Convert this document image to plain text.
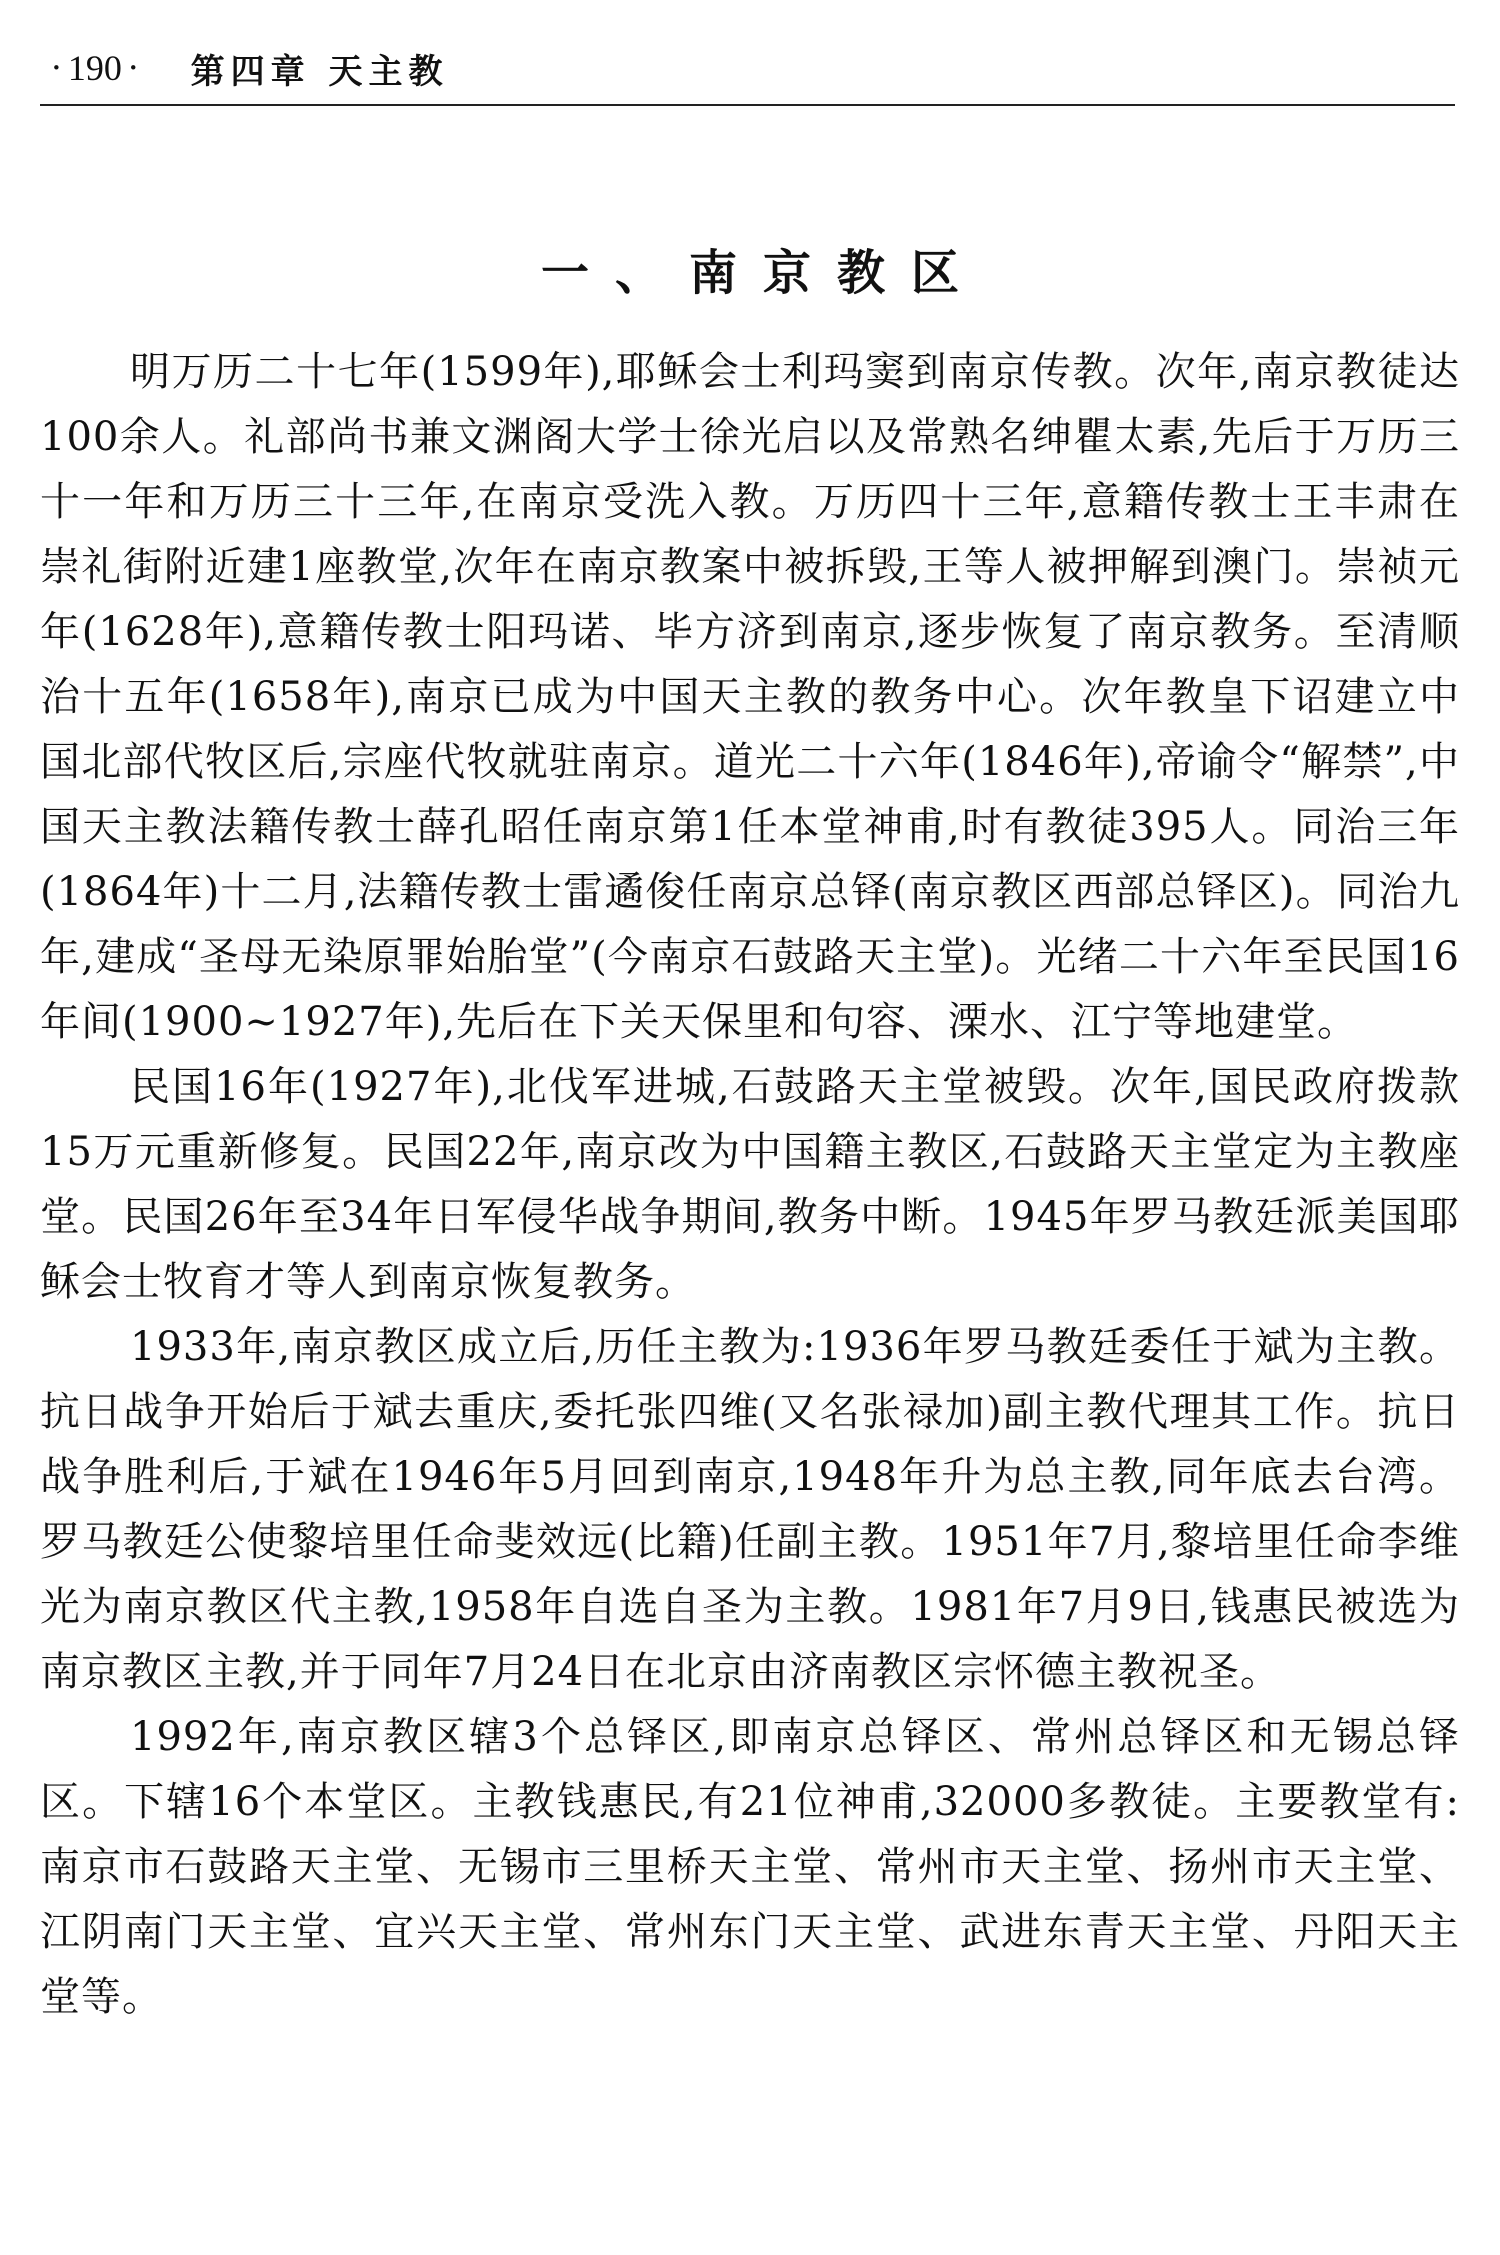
· 190 · 第四章 天主教
一、南京教区

明万历二十七年(1599年),耶稣会士利玛窦到南京传教。次年,南京教徒达100余人。礼部尚书兼文渊阁大学士徐光启以及常熟名绅瞿太素,先后于万历三十一年和万历三十三年,在南京受洗入教。万历四十三年,意籍传教士王丰肃在崇礼街附近建1座教堂,次年在南京教案中被拆毁,王等人被押解到澳门。崇祯元年(1628年),意籍传教士阳玛诺、毕方济到南京,逐步恢复了南京教务。至清顺治十五年(1658年),南京已成为中国天主教的教务中心。次年教皇下诏建立中国北部代牧区后,宗座代牧就驻南京。道光二十六年(1846年),帝谕令“解禁”,中国天主教法籍传教士薛孔昭任南京第1任本堂神甫,时有教徒395人。同治三年(1864年)十二月,法籍传教士雷遹俊任南京总铎(南京教区西部总铎区)。同治九年,建成“圣母无染原罪始胎堂”(今南京石鼓路天主堂)。光绪二十六年至民国16年间(1900~1927年),先后在下关天保里和句容、溧水、江宁等地建堂。

民国16年(1927年),北伐军进城,石鼓路天主堂被毁。次年,国民政府拨款15万元重新修复。民国22年,南京改为中国籍主教区,石鼓路天主堂定为主教座堂。民国26年至34年日军侵华战争期间,教务中断。1945年罗马教廷派美国耶稣会士牧育才等人到南京恢复教务。

1933年,南京教区成立后,历任主教为:1936年罗马教廷委任于斌为主教。抗日战争开始后于斌去重庆,委托张四维(又名张禄加)副主教代理其工作。抗日战争胜利后,于斌在1946年5月回到南京,1948年升为总主教,同年底去台湾。罗马教廷公使黎培里任命斐效远(比籍)任副主教。1951年7月,黎培里任命李维光为南京教区代主教,1958年自选自圣为主教。1981年7月9日,钱惠民被选为南京教区主教,并于同年7月24日在北京由济南教区宗怀德主教祝圣。

1992年,南京教区辖3个总铎区,即南京总铎区、常州总铎区和无锡总铎区。下辖16个本堂区。主教钱惠民,有21位神甫,32000多教徒。主要教堂有:南京市石鼓路天主堂、无锡市三里桥天主堂、常州市天主堂、扬州市天主堂、江阴南门天主堂、宜兴天主堂、常州东门天主堂、武进东青天主堂、丹阳天主堂等。
